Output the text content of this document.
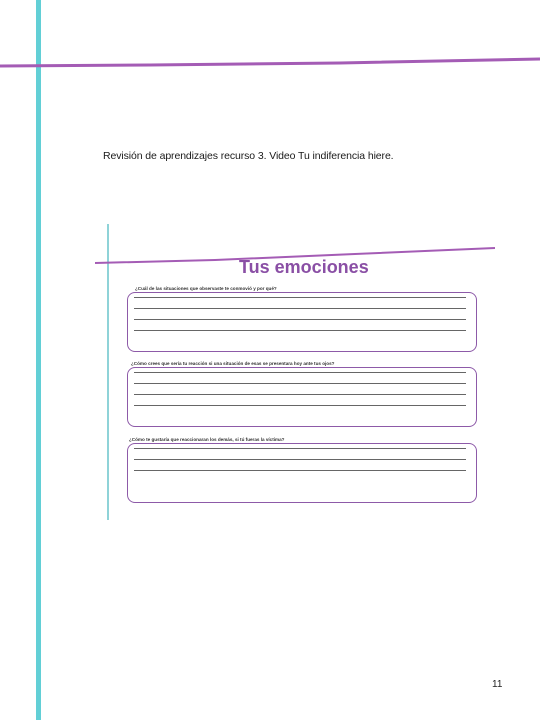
Revisión de aprendizajes recurso 3. Video Tu indiferencia hiere.
Tus emociones
¿Cuál de las situaciones que observaste te conmovió y por qué?
¿Cómo crees que sería tu reacción si una situación de esas se presentara hoy ante tus ojos?
¿Cómo te gustaría que reaccionaran los demás, si tú fueras la víctima?
11
